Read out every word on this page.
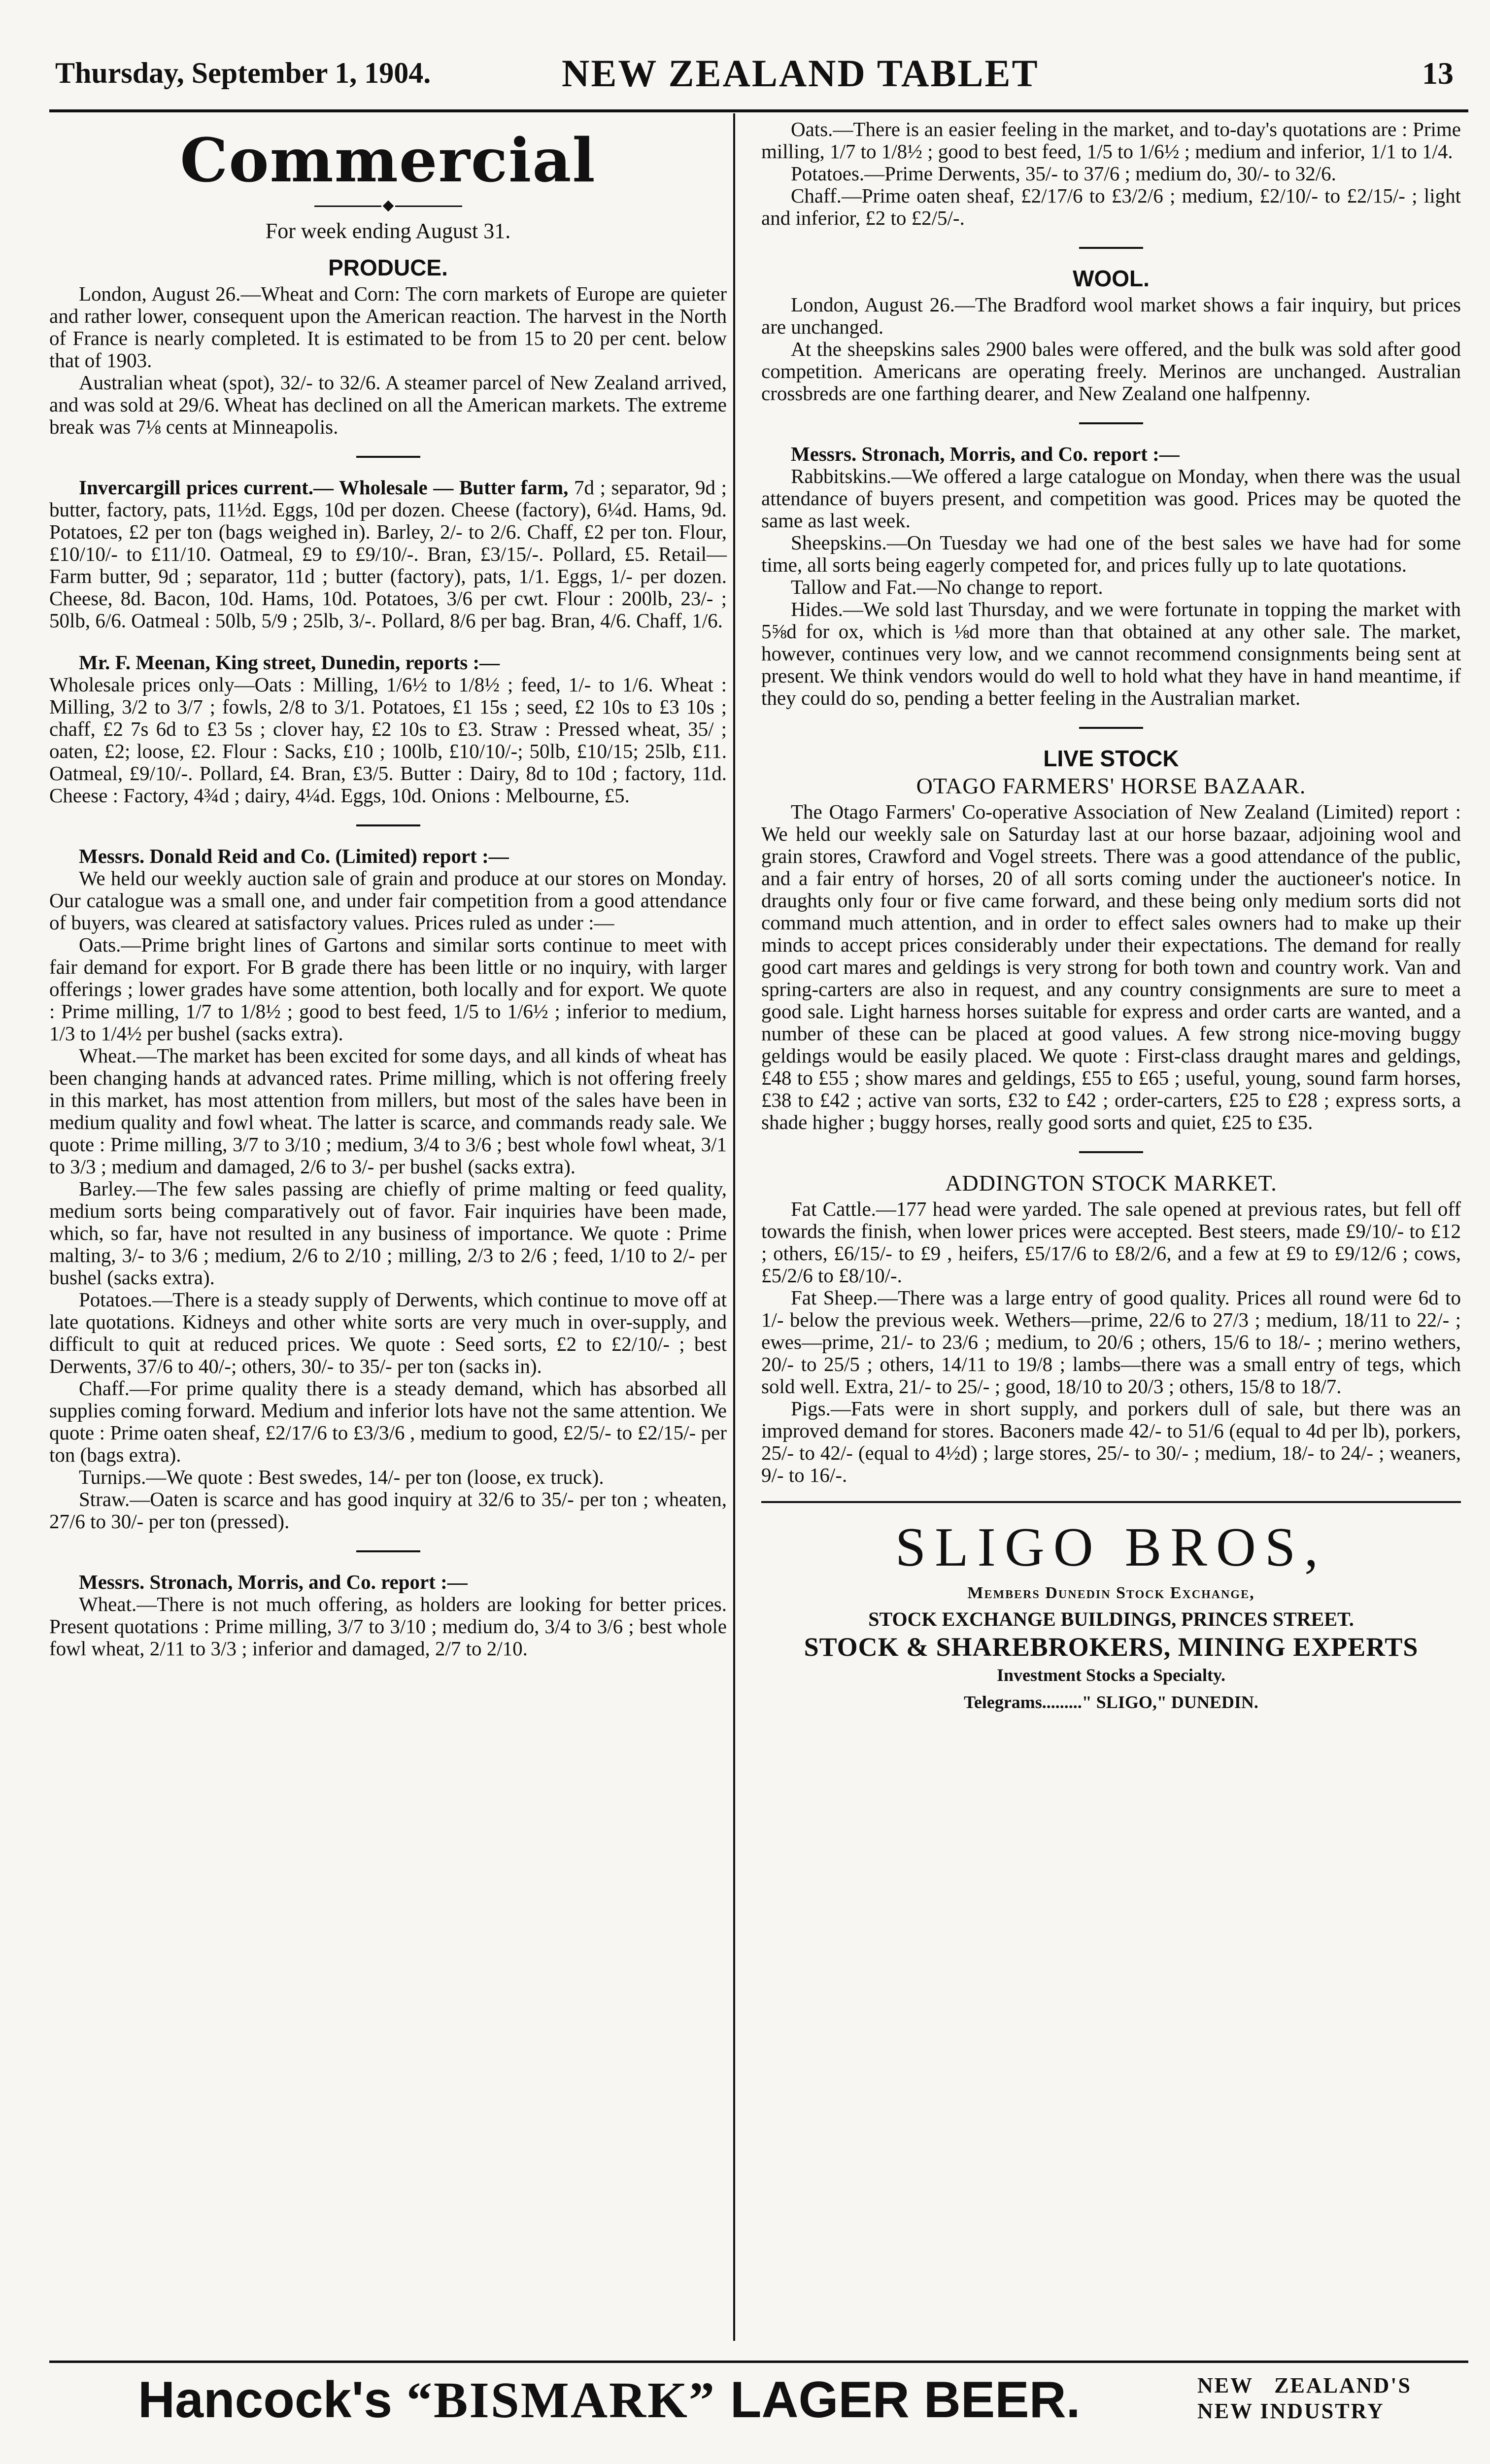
Thursday, September 1, 1904.	NEW ZEALAND TABLET	13
Commercial
For week ending August 31.
PRODUCE.

London, August 26.—Wheat and Corn: The corn markets of Europe are quieter and rather lower, consequent upon the American reaction. The harvest in the North of France is nearly completed. It is estimated to be from 15 to 20 per cent. below that of 1903.

Australian wheat (spot), 32/- to 32/6. A steamer parcel of New Zealand arrived, and was sold at 29/6. Wheat has declined on all the American markets. The extreme break was 7⅛ cents at Minneapolis.

Invercargill prices current.— Wholesale — Butter farm, 7d ; separator, 9d ; butter, factory, pats, 11½d. Eggs, 10d per dozen. Cheese (factory), 6¼d. Hams, 9d. Potatoes, £2 per ton (bags weighed in). Barley, 2/- to 2/6. Chaff, £2 per ton. Flour, £10/10/- to £11/10. Oatmeal, £9 to £9/10/-. Bran, £3/15/-. Pollard, £5. Retail—Farm butter, 9d ; separator, 11d ; butter (factory), pats, 1/1. Eggs, 1/- per dozen. Cheese, 8d. Bacon, 10d. Hams, 10d. Potatoes, 3/6 per cwt. Flour : 200lb, 23/- ; 50lb, 6/6. Oatmeal : 50lb, 5/9 ; 25lb, 3/-. Pollard, 8/6 per bag. Bran, 4/6. Chaff, 1/6.

Mr. F. Meenan, King street, Dunedin, reports :—

Wholesale prices only—Oats : Milling, 1/6½ to 1/8½ ; feed, 1/- to 1/6. Wheat : Milling, 3/2 to 3/7 ; fowls, 2/8 to 3/1. Potatoes, £1 15s ; seed, £2 10s to £3 10s ; chaff, £2 7s 6d to £3 5s ; clover hay, £2 10s to £3. Straw : Pressed wheat, 35/ ; oaten, £2; loose, £2. Flour : Sacks, £10 ; 100lb, £10/10/-; 50lb, £10/15; 25lb, £11. Oatmeal, £9/10/-. Pollard, £4. Bran, £3/5. Butter : Dairy, 8d to 10d ; factory, 11d. Cheese : Factory, 4¾d ; dairy, 4¼d. Eggs, 10d. Onions : Melbourne, £5.

Messrs. Donald Reid and Co. (Limited) report :—

We held our weekly auction sale of grain and produce at our stores on Monday. Our catalogue was a small one, and under fair competition from a good attendance of buyers, was cleared at satisfactory values. Prices ruled as under :—

Oats.—Prime bright lines of Gartons and similar sorts continue to meet with fair demand for export. For B grade there has been little or no inquiry, with larger offerings ; lower grades have some attention, both locally and for export. We quote : Prime milling, 1/7 to 1/8½ ; good to best feed, 1/5 to 1/6½ ; inferior to medium, 1/3 to 1/4½ per bushel (sacks extra).

Wheat.—The market has been excited for some days, and all kinds of wheat has been changing hands at advanced rates. Prime milling, which is not offering freely in this market, has most attention from millers, but most of the sales have been in medium quality and fowl wheat. The latter is scarce, and commands ready sale. We quote : Prime milling, 3/7 to 3/10 ; medium, 3/4 to 3/6 ; best whole fowl wheat, 3/1 to 3/3 ; medium and damaged, 2/6 to 3/- per bushel (sacks extra).

Barley.—The few sales passing are chiefly of prime malting or feed quality, medium sorts being comparatively out of favor. Fair inquiries have been made, which, so far, have not resulted in any business of importance. We quote : Prime malting, 3/- to 3/6 ; medium, 2/6 to 2/10 ; milling, 2/3 to 2/6 ; feed, 1/10 to 2/- per bushel (sacks extra).

Potatoes.—There is a steady supply of Derwents, which continue to move off at late quotations. Kidneys and other white sorts are very much in over-supply, and difficult to quit at reduced prices. We quote : Seed sorts, £2 to £2/10/- ; best Derwents, 37/6 to 40/-; others, 30/- to 35/- per ton (sacks in).

Chaff.—For prime quality there is a steady demand, which has absorbed all supplies coming forward. Medium and inferior lots have not the same attention. We quote : Prime oaten sheaf, £2/17/6 to £3/3/6 , medium to good, £2/5/- to £2/15/- per ton (bags extra).

Turnips.—We quote : Best swedes, 14/- per ton (loose, ex truck).

Straw.—Oaten is scarce and has good inquiry at 32/6 to 35/- per ton ; wheaten, 27/6 to 30/- per ton (pressed).

Messrs. Stronach, Morris, and Co. report :—

Wheat.—There is not much offering, as holders are looking for better prices. Present quotations : Prime milling, 3/7 to 3/10 ; medium do, 3/4 to 3/6 ; best whole fowl wheat, 2/11 to 3/3 ; inferior and damaged, 2/7 to 2/10.

Oats.—There is an easier feeling in the market, and to-day's quotations are : Prime milling, 1/7 to 1/8½ ; good to best feed, 1/5 to 1/6½ ; medium and inferior, 1/1 to 1/4.

Potatoes.—Prime Derwents, 35/- to 37/6 ; medium do, 30/- to 32/6.

Chaff.—Prime oaten sheaf, £2/17/6 to £3/2/6 ; medium, £2/10/- to £2/15/- ; light and inferior, £2 to £2/5/-.

WOOL.

London, August 26.—The Bradford wool market shows a fair inquiry, but prices are unchanged.

At the sheepskins sales 2900 bales were offered, and the bulk was sold after good competition. Americans are operating freely. Merinos are unchanged. Australian crossbreds are one farthing dearer, and New Zealand one halfpenny.

Messrs. Stronach, Morris, and Co. report :—

Rabbitskins.—We offered a large catalogue on Monday, when there was the usual attendance of buyers present, and competition was good. Prices may be quoted the same as last week.

Sheepskins.—On Tuesday we had one of the best sales we have had for some time, all sorts being eagerly competed for, and prices fully up to late quotations.

Tallow and Fat.—No change to report.

Hides.—We sold last Thursday, and we were fortunate in topping the market with 5⅝d for ox, which is ⅛d more than that obtained at any other sale. The market, however, continues very low, and we cannot recommend consignments being sent at present. We think vendors would do well to hold what they have in hand meantime, if they could do so, pending a better feeling in the Australian market.

LIVE STOCK
OTAGO FARMERS' HORSE BAZAAR.

The Otago Farmers' Co-operative Association of New Zealand (Limited) report : We held our weekly sale on Saturday last at our horse bazaar, adjoining wool and grain stores, Crawford and Vogel streets. There was a good attendance of the public, and a fair entry of horses, 20 of all sorts coming under the auctioneer's notice. In draughts only four or five came forward, and these being only medium sorts did not command much attention, and in order to effect sales owners had to make up their minds to accept prices considerably under their expectations. The demand for really good cart mares and geldings is very strong for both town and country work. Van and spring-carters are also in request, and any country consignments are sure to meet a good sale. Light harness horses suitable for express and order carts are wanted, and a number of these can be placed at good values. A few strong nice-moving buggy geldings would be easily placed. We quote : First-class draught mares and geldings, £48 to £55 ; show mares and geldings, £55 to £65 ; useful, young, sound farm horses, £38 to £42 ; active van sorts, £32 to £42 ; order-carters, £25 to £28 ; express sorts, a shade higher ; buggy horses, really good sorts and quiet, £25 to £35.

ADDINGTON STOCK MARKET.

Fat Cattle.—177 head were yarded. The sale opened at previous rates, but fell off towards the finish, when lower prices were accepted. Best steers, made £9/10/- to £12 ; others, £6/15/- to £9 , heifers, £5/17/6 to £8/2/6, and a few at £9 to £9/12/6 ; cows, £5/2/6 to £8/10/-.

Fat Sheep.—There was a large entry of good quality. Prices all round were 6d to 1/- below the previous week. Wethers—prime, 22/6 to 27/3 ; medium, 18/11 to 22/- ; ewes—prime, 21/- to 23/6 ; medium, to 20/6 ; others, 15/6 to 18/- ; merino wethers, 20/- to 25/5 ; others, 14/11 to 19/8 ; lambs—there was a small entry of tegs, which sold well. Extra, 21/- to 25/- ; good, 18/10 to 20/3 ; others, 15/8 to 18/7.

Pigs.—Fats were in short supply, and porkers dull of sale, but there was an improved demand for stores. Baconers made 42/- to 51/6 (equal to 4d per lb), porkers, 25/- to 42/- (equal to 4½d) ; large stores, 25/- to 30/- ; medium, 18/- to 24/- ; weaners, 9/- to 16/-.

SLIGO BROS,
Members Dunedin Stock Exchange,
STOCK EXCHANGE BUILDINGS, PRINCES STREET.
STOCK & SHAREBROKERS, MINING EXPERTS
Investment Stocks a Specialty.
Telegrams........." SLIGO," DUNEDIN.
Hancock's “BISMARK” LAGER BEER.	NEW ZEALAND'S
NEW INDUSTRY
